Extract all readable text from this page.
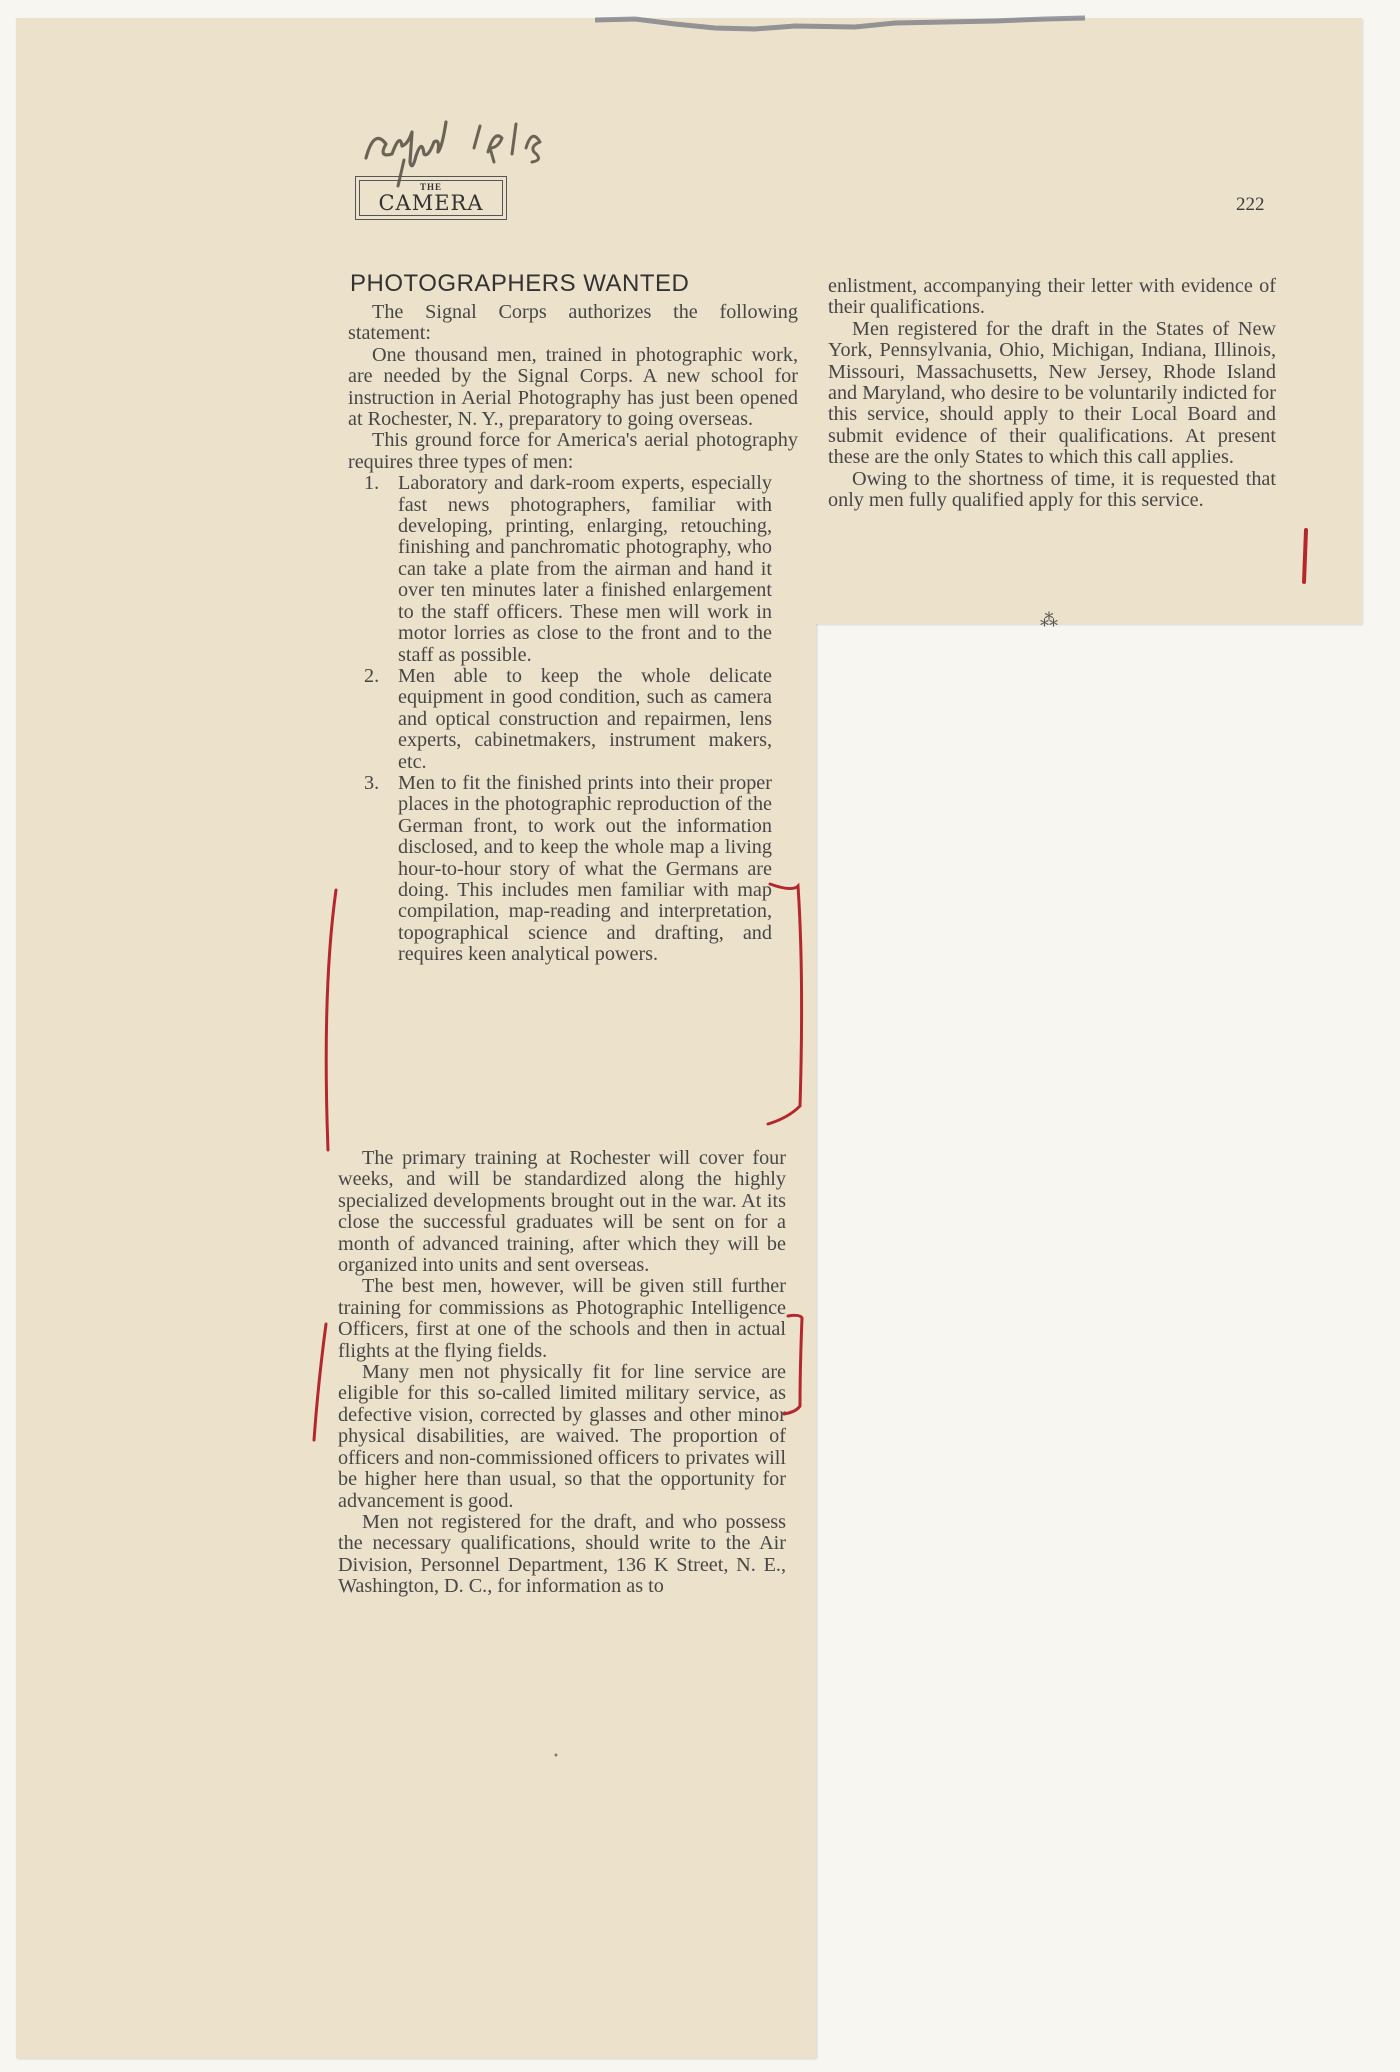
THE
CAMERA	222
PHOTOGRAPHERS WANTED

The Signal Corps authorizes the following statement:

One thousand men, trained in photographic work, are needed by the Signal Corps. A new school for instruction in Aerial Photography has just been opened at Rochester, N. Y., preparatory to going overseas.

This ground force for America's aerial photography requires three types of men:

1. Laboratory and dark-room experts, especially fast news photographers, familiar with developing, printing, enlarging, retouching, finishing and panchromatic photography, who can take a plate from the airman and hand it over ten minutes later a finished enlargement to the staff officers. These men will work in motor lorries as close to the front and to the staff as possible.
2. Men able to keep the whole delicate equipment in good condition, such as camera and optical construction and repairmen, lens experts, cabinetmakers, instrument makers, etc.
3. Men to fit the finished prints into their proper places in the photographic reproduction of the German front, to work out the information disclosed, and to keep the whole map a living hour-to-hour story of what the Germans are doing. This includes men familiar with map compilation, map-reading and interpretation, topographical science and drafting, and requires keen analytical powers.

The primary training at Rochester will cover four weeks, and will be standardized along the highly specialized developments brought out in the war. At its close the successful graduates will be sent on for a month of advanced training, after which they will be organized into units and sent overseas.

The best men, however, will be given still further training for commissions as Photographic Intelligence Officers, first at one of the schools and then in actual flights at the flying fields.

Many men not physically fit for line service are eligible for this so-called limited military service, as defective vision, corrected by glasses and other minor physical disabilities, are waived. The proportion of officers and non-commissioned officers to privates will be higher here than usual, so that the opportunity for advancement is good.

Men not registered for the draft, and who possess the necessary qualifications, should write to the Air Division, Personnel Department, 136 K Street, N. E., Washington, D. C., for information as to

enlistment, accompanying their letter with evidence of their qualifications.

Men registered for the draft in the States of New York, Pennsylvania, Ohio, Michigan, Indiana, Illinois, Missouri, Massachusetts, New Jersey, Rhode Island and Maryland, who desire to be voluntarily indicted for this service, should apply to their Local Board and submit evidence of their qualifications. At present these are the only States to which this call applies.

Owing to the shortness of time, it is requested that only men fully qualified apply for this service.

⁂
•
